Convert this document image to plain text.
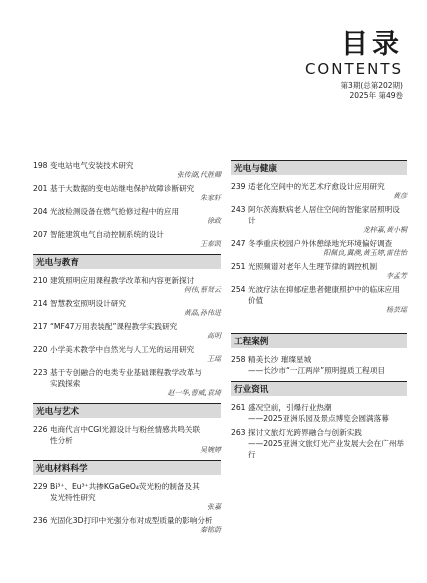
目录
CONTENTS
第3期(总第202期)
2025年 第49卷
198 变电站电气安装技术研究
张传湖,代胜卿
201 基于大数据的变电站继电保护故障诊断研究
朱家轩
204 光波检测设备在燃气抢修过程中的应用
徐政
207 智能建筑电气自动控制系统的设计
王泰凯
光电与教育
210 建筑照明应用课程教学改革和内容更新探讨
何伟,蔡贤云
214 智慧教室照明设计研究
黄晶,孙伟进
217 “MF47万用表装配”课程教学实践研究
高明
220 小学美术教学中自然光与人工光的运用研究
王瑶
223 基于专创融合的电类专业基础课程教学改革与
实践探索
赵一华,曹威,袁琦
光电与艺术
226 电商代言中CGI光源设计与粉丝情感共鸣关联
性分析
吴婉婷
光电材料科学
229 Bi³⁺、Eu³⁺共掺KGaGeO₄荧光粉的制备及其
发光特性研究
张嘉
236 光固化3D打印中光强分布对成型质量的影响分析
秦铭蔚
光电与健康
239 适老化空间中的光艺术疗愈设计应用研究
黄彦
243 阿尔茨海默病老人居住空间的智能家居照明设计
龙梓嘉,黄小桐
247 冬季重庆校园户外休憩绿地光环境偏好调查
阳佩良,冀澳,黄玉婷,雷佳怡
251 光照频谱对老年人生理节律的调控机制
李孟芳
254 光波疗法在抑郁症患者健康照护中的临床应用
价值
杨芸瑶
工程案例
258 精美长沙 璀璨星城
——长沙市“一江两岸”照明提质工程项目
行业资讯
261 盛况空前，引爆行业热潮
——2025亚洲乐园及景点博览会圆满落幕
263 探讨文旅灯光跨界融合与创新实践
——2025亚洲文旅灯光产业发展大会在广州举行
